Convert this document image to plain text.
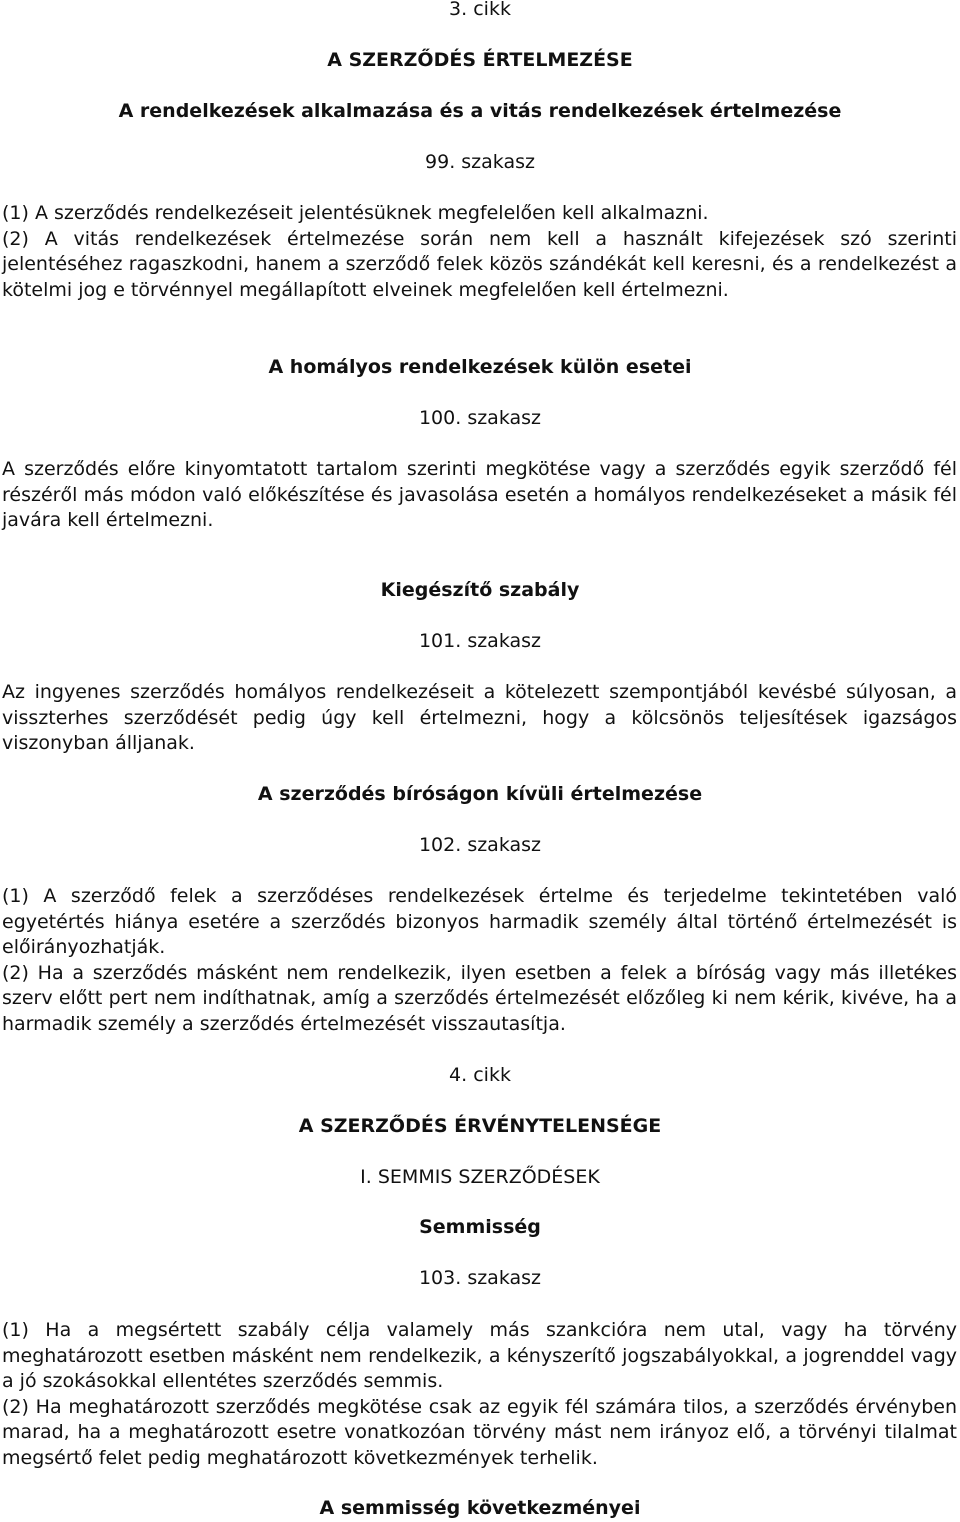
3. cikk
A SZERZŐDÉS ÉRTELMEZÉSE
A rendelkezések alkalmazása és a vitás rendelkezések értelmezése
99. szakasz

(1) A szerződés rendelkezéseit jelentésüknek megfelelően kell alkalmazni.

(2) A vitás rendelkezések értelmezése során nem kell a használt kifejezések szó szerinti jelentéséhez ragaszkodni, hanem a szerződő felek közös szándékát kell keresni, és a rendelkezést a kötelmi jog e törvénnyel megállapított elveinek megfelelően kell értelmezni.

A homályos rendelkezések külön esetei
100. szakasz
A szerződés előre kinyomtatott tartalom szerinti megkötése vagy a szerződés egyik szerződő fél részéről más módon való előkészítése és javasolása esetén a homályos rendelkezéseket a másik fél javára kell értelmezni.
Kiegészítő szabály
101. szakasz
Az ingyenes szerződés homályos rendelkezéseit a kötelezett szempontjából kevésbé súlyosan, a visszterhes szerződését pedig úgy kell értelmezni, hogy a kölcsönös teljesítések igazságos viszonyban álljanak.
A szerződés bíróságon kívüli értelmezése
102. szakasz

(1) A szerződő felek a szerződéses rendelkezések értelme és terjedelme tekintetében való egyetértés hiánya esetére a szerződés bizonyos harmadik személy által történő értelmezését is előirányozhatják.

(2) Ha a szerződés másként nem rendelkezik, ilyen esetben a felek a bíróság vagy más illetékes szerv előtt pert nem indíthatnak, amíg a szerződés értelmezését előzőleg ki nem kérik, kivéve, ha a harmadik személy a szerződés értelmezését visszautasítja.

4. cikk
A SZERZŐDÉS ÉRVÉNYTELENSÉGE
I. SEMMIS SZERZŐDÉSEK
Semmisség
103. szakasz

(1) Ha a megsértett szabály célja valamely más szankcióra nem utal, vagy ha törvény meghatározott esetben másként nem rendelkezik, a kényszerítő jogszabályokkal, a jogrenddel vagy a jó szokásokkal ellentétes szerződés semmis.

(2) Ha meghatározott szerződés megkötése csak az egyik fél számára tilos, a szerződés érvényben marad, ha a meghatározott esetre vonatkozóan törvény mást nem irányoz elő, a törvényi tilalmat megsértő felet pedig meghatározott következmények terhelik.

A semmisség következményei
